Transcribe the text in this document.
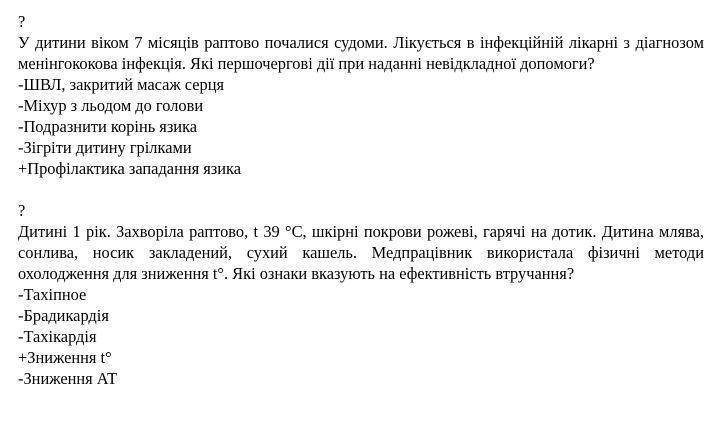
?
У дитини віком 7 місяців раптово почалися судоми. Лікується в інфекційній лікарні з діагнозом менінгококова інфекція. Які першочергові дії при наданні невідкладної допомоги?
-ШВЛ, закритий масаж серця
-Міхур з льодом до голови
-Подразнити корінь язика
-Зігріти дитину грілками
+Профілактика западання язика
?
Дитині 1 рік. Захворіла раптово, t 39 °С, шкірні покрови рожеві, гарячі на дотик. Дитина млява, сонлива, носик закладений, сухий кашель. Медпрацівник використала фізичні методи охолодження для зниження t°. Які ознаки вказують на ефективність втручання?
-Тахіпное
-Брадикардія
-Тахікардія
+Зниження t°
-Зниження АТ
